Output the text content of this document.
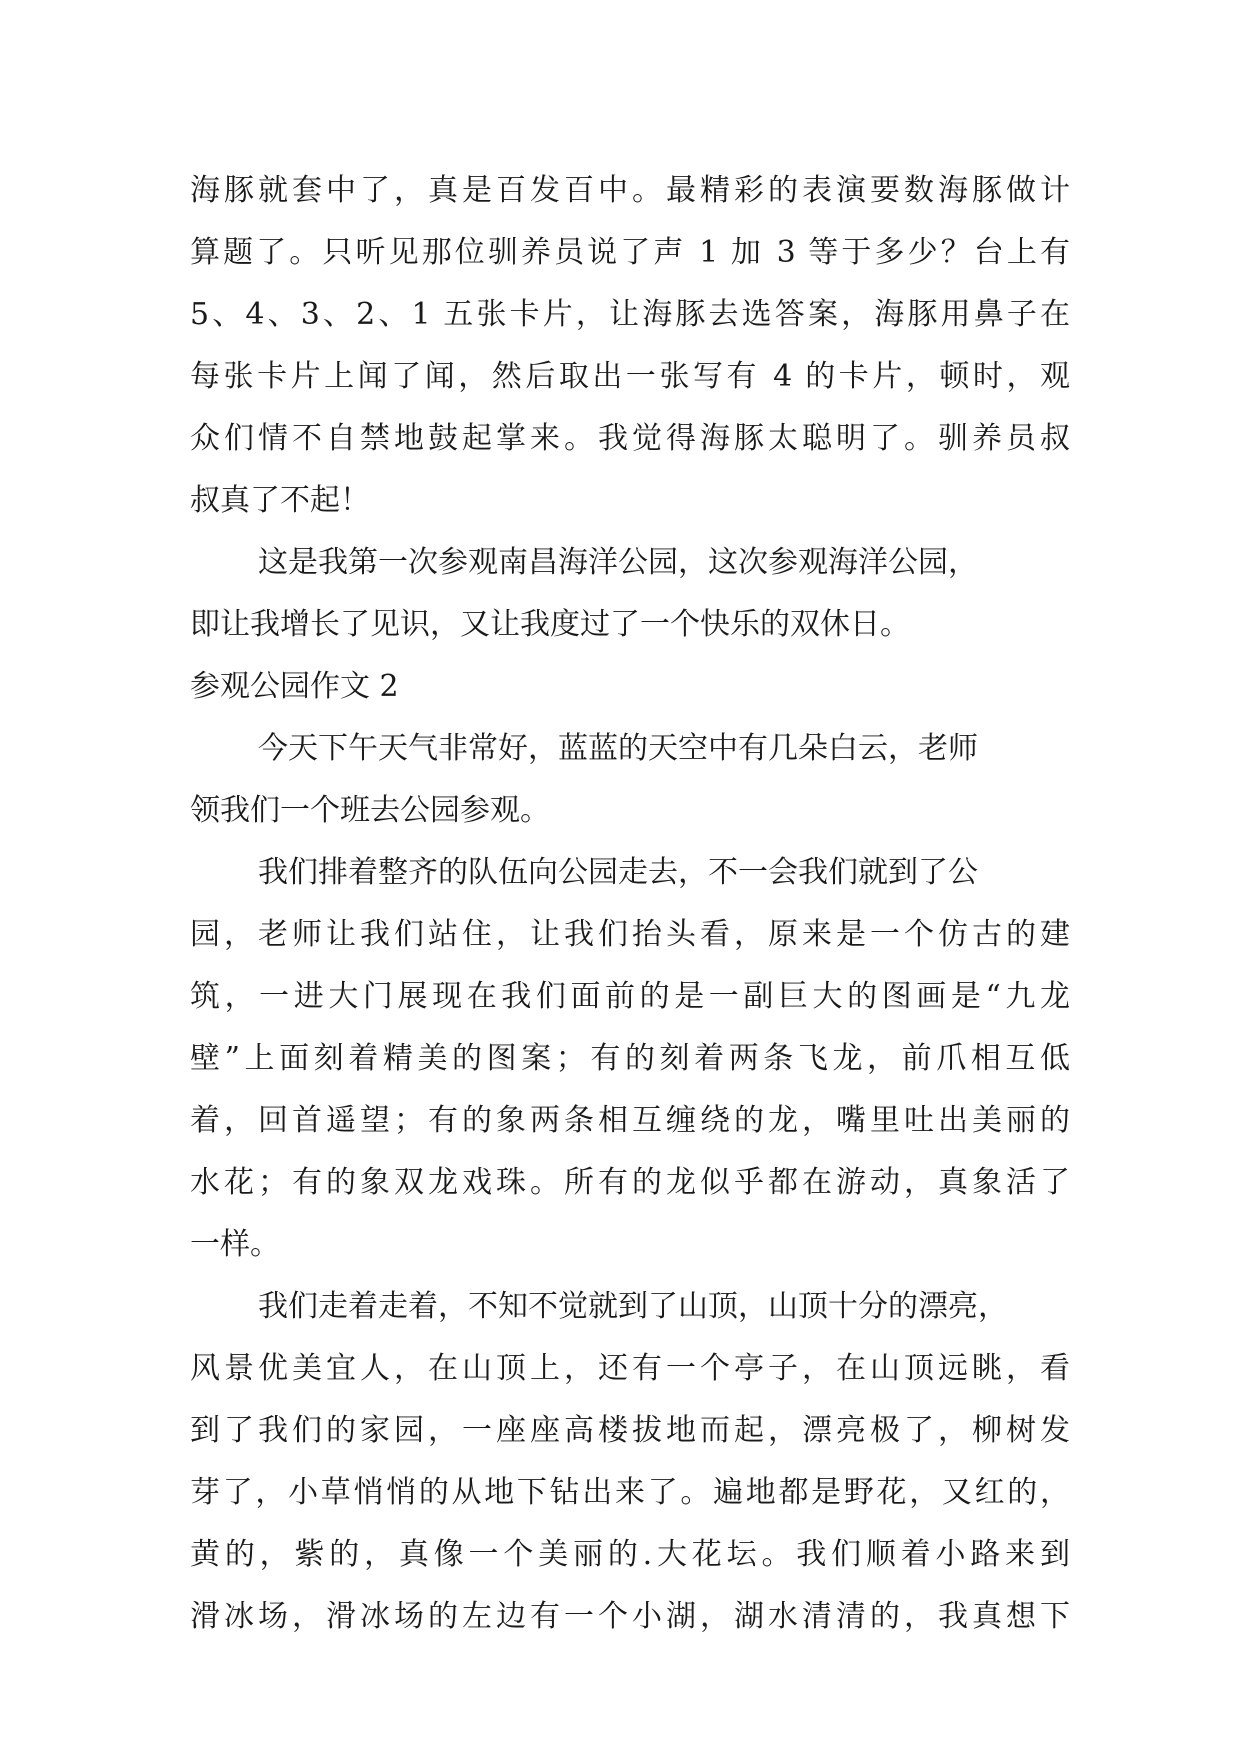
海豚就套中了，真是百发百中。最精彩的表演要数海豚做计
算题了。只听见那位驯养员说了声 1 加 3 等于多少？台上有
5、4、3、2、1 五张卡片，让海豚去选答案，海豚用鼻子在
每张卡片上闻了闻，然后取出一张写有 4 的卡片，顿时，观
众们情不自禁地鼓起掌来。我觉得海豚太聪明了。驯养员叔
叔真了不起！
这是我第一次参观南昌海洋公园，这次参观海洋公园，
即让我增长了见识，又让我度过了一个快乐的双休日。
参观公园作文 2
今天下午天气非常好，蓝蓝的天空中有几朵白云，老师
领我们一个班去公园参观。
我们排着整齐的队伍向公园走去，不一会我们就到了公
园，老师让我们站住，让我们抬头看，原来是一个仿古的建
筑，一进大门展现在我们面前的是一副巨大的图画是“九龙
壁”上面刻着精美的图案；有的刻着两条飞龙，前爪相互低
着，回首遥望；有的象两条相互缠绕的龙，嘴里吐出美丽的
水花；有的象双龙戏珠。所有的龙似乎都在游动，真象活了
一样。
我们走着走着，不知不觉就到了山顶，山顶十分的漂亮，
风景优美宜人，在山顶上，还有一个亭子，在山顶远眺，看
到了我们的家园，一座座高楼拔地而起，漂亮极了，柳树发
芽了，小草悄悄的从地下钻出来了。遍地都是野花，又红的，
黄的，紫的，真像一个美丽的.大花坛。我们顺着小路来到
滑冰场，滑冰场的左边有一个小湖，湖水清清的，我真想下
